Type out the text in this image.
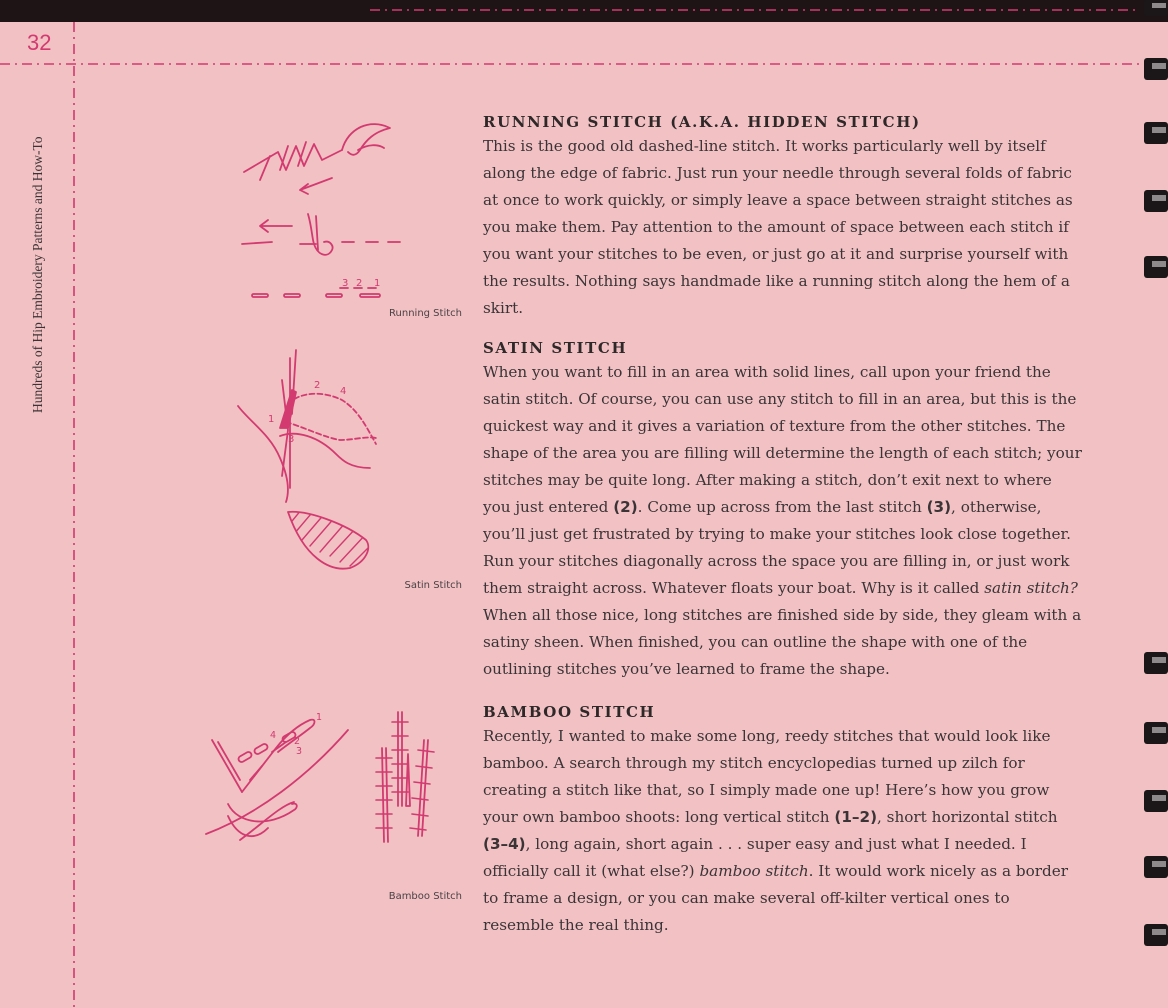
32
Hundreds of Hip Embroidery Patterns and How-To	3 2 1
Running Stitch
1
2
3
4
Satin Stitch
1
2
3
4
Bamboo Stitch
RUNNING STITCH (A.K.A. HIDDEN STITCH)

This is the good old dashed-line stitch. It works particularly well by itself along the edge of fabric. Just run your needle through several folds of fabric at once to work quickly, or simply leave a space between straight stitches as you make them. Pay attention to the amount of space between each stitch if you want your stitches to be even, or just go at it and surprise yourself with the results. Nothing says handmade like a running stitch along the hem of a skirt.

SATIN STITCH

When you want to fill in an area with solid lines, call upon your friend the satin stitch. Of course, you can use any stitch to fill in an area, but this is the quickest way and it gives a variation of texture from the other stitches. The shape of the area you are filling will determine the length of each stitch; your stitches may be quite long. After making a stitch, don’t exit next to where you just entered (2). Come up across from the last stitch (3), otherwise, you’ll just get frustrated by trying to make your stitches look close together. Run your stitches diagonally across the space you are filling in, or just work them straight across. Whatever floats your boat. Why is it called satin stitch? When all those nice, long stitches are finished side by side, they gleam with a satiny sheen. When finished, you can outline the shape with one of the outlining stitches you’ve learned to frame the shape.

BAMBOO STITCH

Recently, I wanted to make some long, reedy stitches that would look like bamboo. A search through my stitch encyclopedias turned up zilch for creating a stitch like that, so I simply made one up! Here’s how you grow your own bamboo shoots: long vertical stitch (1–2), short horizontal stitch (3–4), long again, short again . . . super easy and just what I needed. I officially call it (what else?) bamboo stitch. It would work nicely as a border to frame a design, or you can make several off-kilter vertical ones to resemble the real thing.
